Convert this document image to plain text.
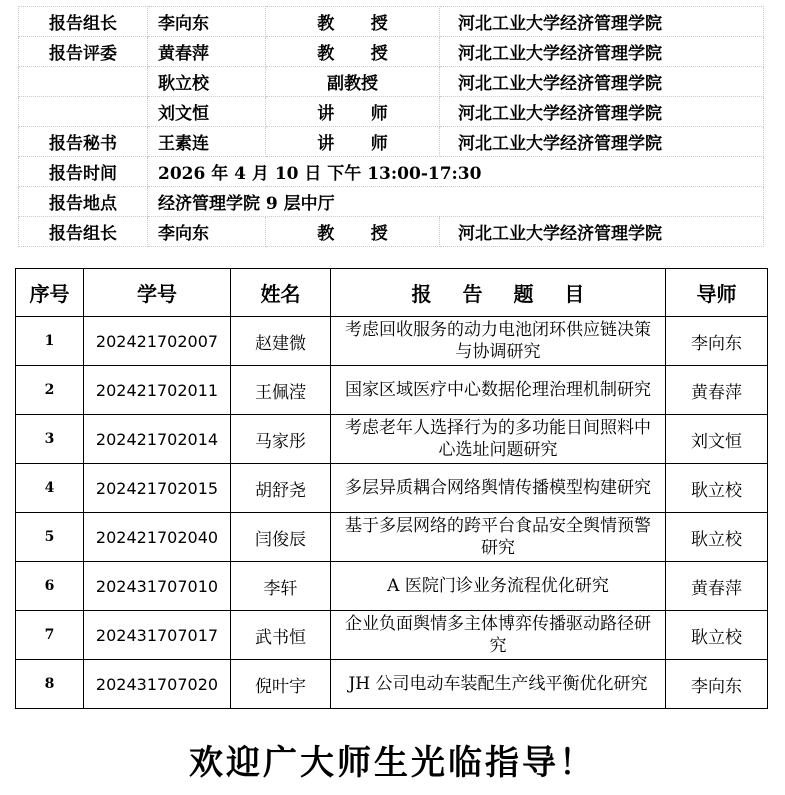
报告组长	李向东	教 授	河北工业大学经济管理学院
报告评委	黄春萍	教 授	河北工业大学经济管理学院
	耿立校	副教授	河北工业大学经济管理学院
	刘文恒	讲 师	河北工业大学经济管理学院
报告秘书	王素连	讲 师	河北工业大学经济管理学院
报告时间	2026 年 4 月 10 日 下午 13:00-17:30		
报告地点	经济管理学院 9 层中厅		
报告组长	李向东	教 授	河北工业大学经济管理学院
序号	学号	姓名	报 告 题 目	导师
1	202421702007	赵建微	考虑回收服务的动力电池闭环供应链决策与协调研究	李向东
2	202421702011	王佩滢	国家区域医疗中心数据伦理治理机制研究	黄春萍
3	202421702014	马家彤	考虑老年人选择行为的多功能日间照料中心选址问题研究	刘文恒
4	202421702015	胡舒尧	多层异质耦合网络舆情传播模型构建研究	耿立校
5	202421702040	闫俊辰	基于多层网络的跨平台食品安全舆情预警研究	耿立校
6	202431707010	李轩	A 医院门诊业务流程优化研究	黄春萍
7	202431707017	武书恒	企业负面舆情多主体博弈传播驱动路径研究	耿立校
8	202431707020	倪叶宇	JH 公司电动车装配生产线平衡优化研究	李向东
欢迎广大师生光临指导！
